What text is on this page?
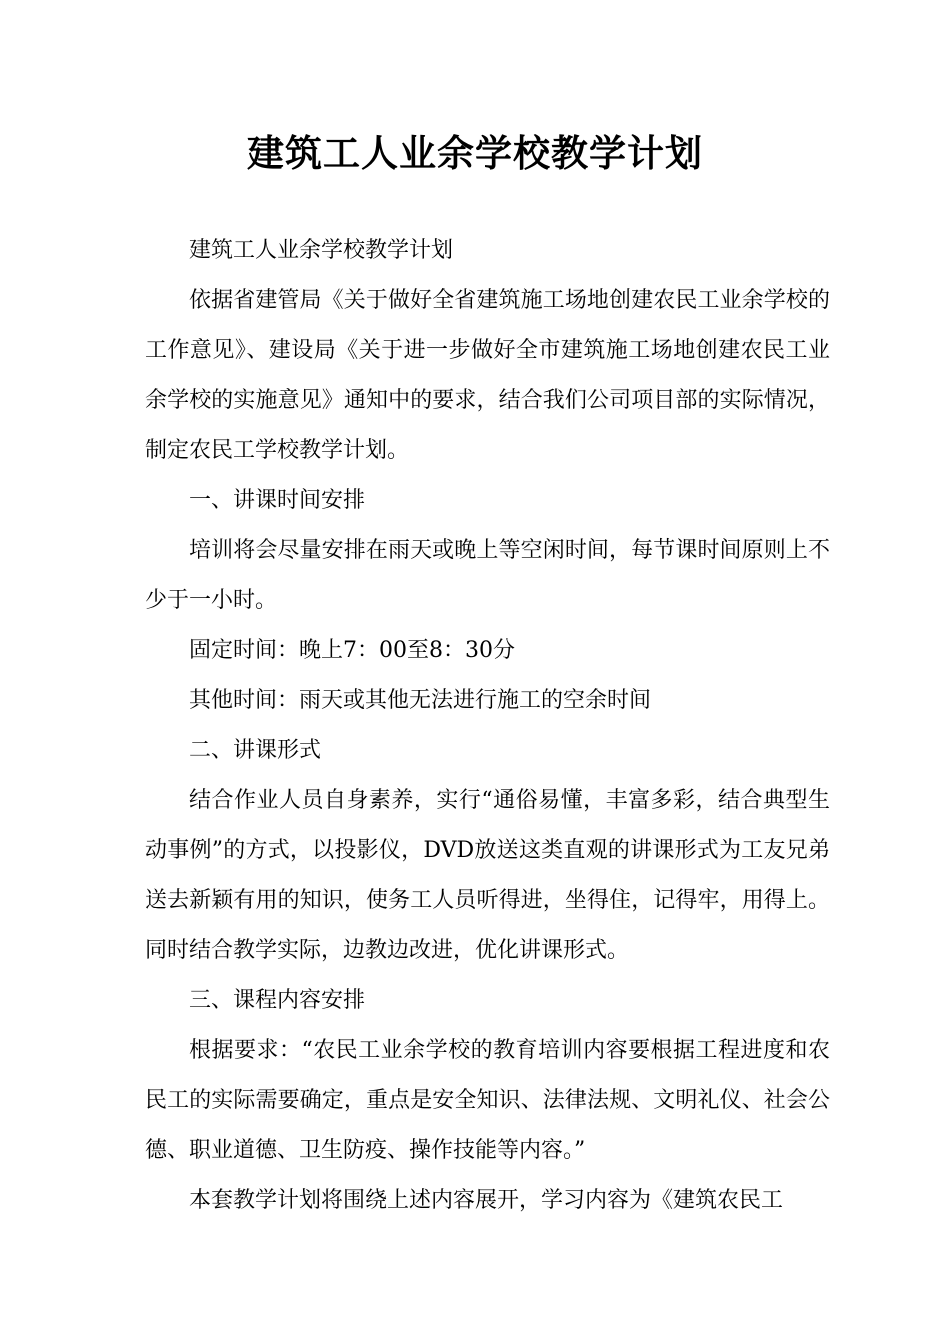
建筑工人业余学校教学计划

建筑工人业余学校教学计划

依据省建管局《关于做好全省建筑施工场地创建农民工业余学校的工作意见》、建设局《关于进一步做好全市建筑施工场地创建农民工业余学校的实施意见》通知中的要求，结合我们公司项目部的实际情况，制定农民工学校教学计划。

一、讲课时间安排

培训将会尽量安排在雨天或晚上等空闲时间，每节课时间原则上不少于一小时。

固定时间：晚上7：00至8：30分

其他时间：雨天或其他无法进行施工的空余时间

二、讲课形式

结合作业人员自身素养，实行“通俗易懂，丰富多彩，结合典型生动事例”的方式，以投影仪，DVD放送这类直观的讲课形式为工友兄弟送去新颖有用的知识，使务工人员听得进，坐得住，记得牢，用得上。同时结合教学实际，边教边改进，优化讲课形式。

三、课程内容安排

根据要求：“农民工业余学校的教育培训内容要根据工程进度和农民工的实际需要确定，重点是安全知识、法律法规、文明礼仪、社会公德、职业道德、卫生防疫、操作技能等内容。”

本套教学计划将围绕上述内容展开，学习内容为《建筑农民工
